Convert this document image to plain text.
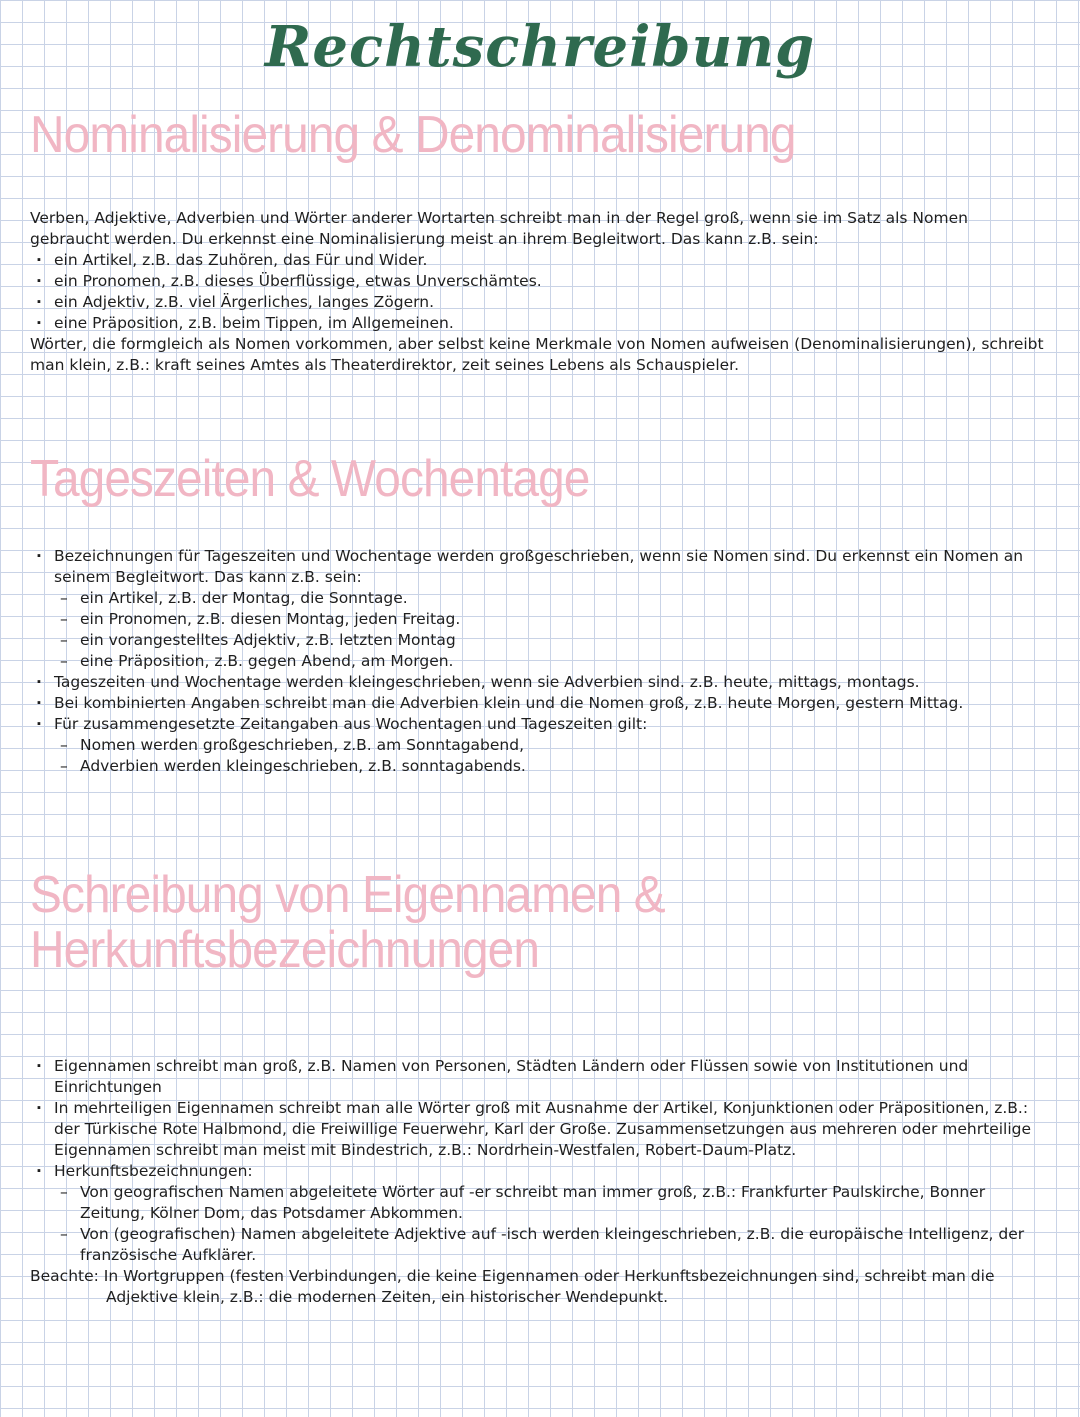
Rechtschreibung
Nominalisierung & Denominalisierung

Verben, Adjektive, Adverbien und Wörter anderer Wortarten schreibt man in der Regel groß, wenn sie im Satz als Nomen gebraucht werden. Du erkennst eine Nominalisierung meist an ihrem Begleitwort. Das kann z.B. sein:

· ein Artikel, z.B. das Zuhören, das Für und Wider.
· ein Pronomen, z.B. dieses Überflüssige, etwas Unverschämtes.
· ein Adjektiv, z.B. viel Ärgerliches, langes Zögern.
· eine Präposition, z.B. beim Tippen, im Allgemeinen.

Wörter, die formgleich als Nomen vorkommen, aber selbst keine Merkmale von Nomen aufweisen (Denominalisierungen), schreibt man klein, z.B.: kraft seines Amtes als Theaterdirektor, zeit seines Lebens als Schauspieler.

Tageszeiten & Wochentage
· Bezeichnungen für Tageszeiten und Wochentage werden großgeschrieben, wenn sie Nomen sind. Du erkennst ein Nomen an seinem Begleitwort. Das kann z.B. sein:
– ein Artikel, z.B. der Montag, die Sonntage.
– ein Pronomen, z.B. diesen Montag, jeden Freitag.
– ein vorangestelltes Adjektiv, z.B. letzten Montag
– eine Präposition, z.B. gegen Abend, am Morgen.
· Tageszeiten und Wochentage werden kleingeschrieben, wenn sie Adverbien sind. z.B. heute, mittags, montags.
· Bei kombinierten Angaben schreibt man die Adverbien klein und die Nomen groß, z.B. heute Morgen, gestern Mittag.
· Für zusammengesetzte Zeitangaben aus Wochentagen und Tageszeiten gilt:
– Nomen werden großgeschrieben, z.B. am Sonntagabend,
– Adverbien werden kleingeschrieben, z.B. sonntagabends.
Schreibung von Eigennamen &
Herkunftsbezeichnungen
· Eigennamen schreibt man groß, z.B. Namen von Personen, Städten Ländern oder Flüssen sowie von Institutionen und Einrichtungen
· In mehrteiligen Eigennamen schreibt man alle Wörter groß mit Ausnahme der Artikel, Konjunktionen oder Präpositionen, z.B.: der Türkische Rote Halbmond, die Freiwillige Feuerwehr, Karl der Große. Zusammensetzungen aus mehreren oder mehrteilige Eigennamen schreibt man meist mit Bindestrich, z.B.: Nordrhein-Westfalen, Robert-Daum-Platz.
· Herkunftsbezeichnungen:
– Von geografischen Namen abgeleitete Wörter auf -er schreibt man immer groß, z.B.: Frankfurter Paulskirche, Bonner Zeitung, Kölner Dom, das Potsdamer Abkommen.
– Von (geografischen) Namen abgeleitete Adjektive auf -isch werden kleingeschrieben, z.B. die europäische Intelligenz, der französische Aufklärer.

Beachte: In Wortgruppen (festen Verbindungen, die keine Eigennamen oder Herkunftsbezeichnungen sind, schreibt man die

Adjektive klein, z.B.: die modernen Zeiten, ein historischer Wendepunkt.
